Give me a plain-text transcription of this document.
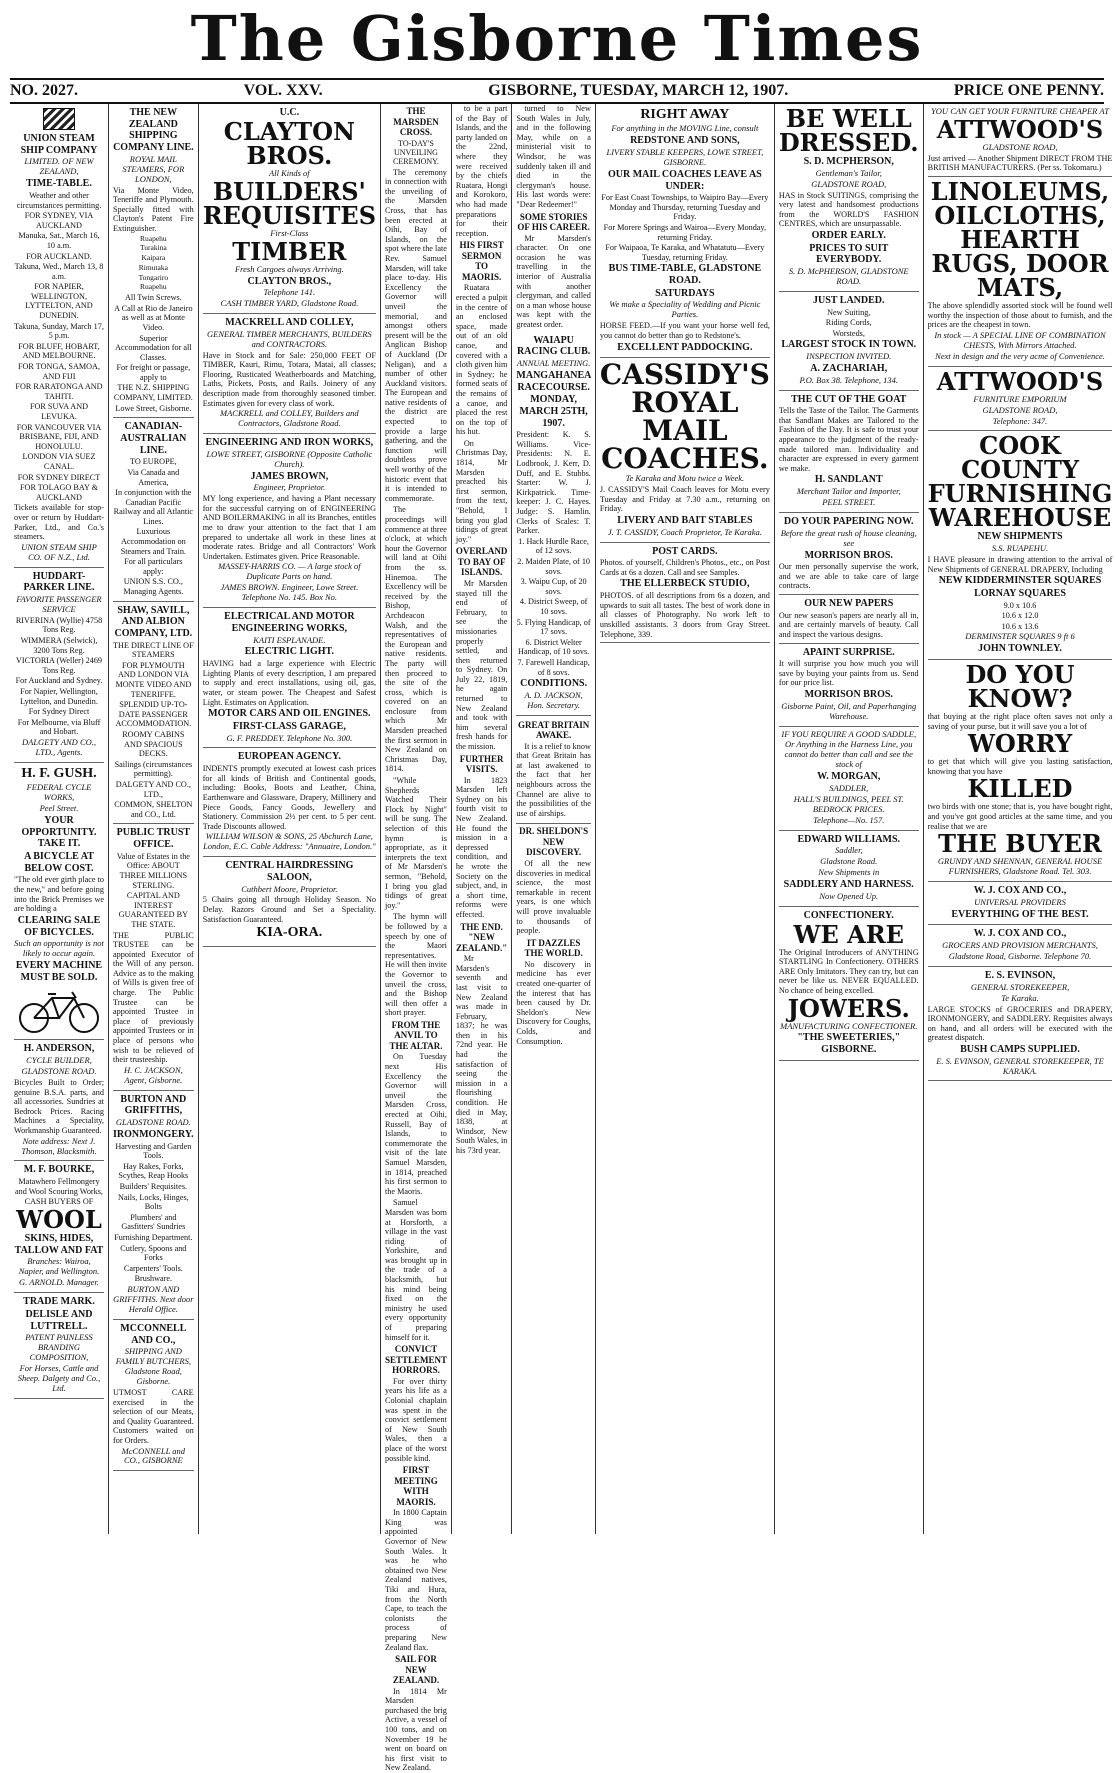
The Gisborne Times
NO. 2027.	VOL. XXV.	GISBORNE, TUESDAY, MARCH 12, 1907.	PRICE ONE PENNY.
UNION STEAM SHIP COMPANY
LIMITED. OF NEW ZEALAND,
TIME-TABLE.
Weather and other circumstances permitting.
FOR SYDNEY, VIA AUCKLAND
Manuka, Sat., March 16, 10 a.m.
FOR AUCKLAND.
Takuna, Wed., March 13, 8 a.m.
FOR NAPIER, WELLINGTON, LYTTELTON, AND DUNEDIN.
Takuna, Sunday, March 17, 5 p.m.
FOR BLUFF, HOBART, AND MELBOURNE.
FOR TONGA, SAMOA, AND FIJI
FOR RARATONGA AND TAHITI.
FOR SUVA AND LEVUKA.
FOR VANCOUVER VIA BRISBANE, FIJI, AND HONOLULU.
LONDON VIA SUEZ CANAL.
FOR SYDNEY DIRECT
FOR TOLAGO BAY & AUCKLAND

Tickets available for stop-over or return by Huddart-Parker, Ltd., and Co.'s steamers.

UNION STEAM SHIP CO. OF N.Z., Ltd.
HUDDART-PARKER LINE.
FAVORITE PASSENGER SERVICE
RIVERINA (Wyllie) 4758 Tons Reg.
WIMMERA (Selwick), 3200 Tons Reg.
VICTORIA (Weller) 2469 Tons Reg.
For Auckland and Sydney.
For Napier, Wellington, Lyttelton, and Dunedin.
For Sydney Direct
For Melbourne, via Bluff and Hobart.
DALGETY AND CO., LTD., Agents.
H. F. GUSH.
FEDERAL CYCLE WORKS,
Peel Street.
YOUR OPPORTUNITY. TAKE IT.
A BICYCLE AT BELOW COST.

"The old ever girth place to the new," and before going into the Brick Premises we are holding a

CLEARING SALE OF BICYCLES.
Such an opportunity is not likely to occur again.
EVERY MACHINE MUST BE SOLD.
H. ANDERSON,
CYCLE BUILDER,
GLADSTONE ROAD.

Bicycles Built to Order; genuine B.S.A. parts, and all accessories. Sundries at Bedrock Prices. Racing Machines a Speciality, Workmanship Guaranteed.

Note address: Next J. Thomson, Blacksmith.
M. F. BOURKE,
Matawhero Fellmongery and Wool Scouring Works,
CASH BUYERS OF
WOOL
SKINS, HIDES, TALLOW AND FAT
Branches: Wairoa, Napier, and Wellington.
G. ARNOLD. Manager.
TRADE MARK.
DELISLE AND LUTTRELL.
PATENT PAINLESS BRANDING COMPOSITION,
For Horses, Cattle and Sheep. Dalgety and Co., Ltd.
THE NEW ZEALAND SHIPPING COMPANY LINE.
ROYAL MAIL STEAMERS, FOR LONDON,

Via Monte Video, Teneriffe and Plymouth. Specially fitted with Clayton's Patent Fire Extinguisher.

Ruapehu
Turakina
Kaipara
Rimutaka
Tongariro
Ruapehu
All Twin Screws.
A Call at Rio de Janeiro as well as at Monte Video.
Superior Accommodation for all Classes.
For freight or passage, apply to
THE N.Z. SHIPPING COMPANY, LIMITED.
Lowe Street, Gisborne.
CANADIAN-AUSTRALIAN LINE.
TO EUROPE,
Via Canada and America,
In conjunction with the Canadian Pacific Railway and all Atlantic Lines.
Luxurious Accommodation on Steamers and Train.
For all particulars apply:
UNION S.S. CO., Managing Agents.
SHAW, SAVILL, AND ALBION COMPANY, LTD.
THE DIRECT LINE OF STEAMERS
FOR PLYMOUTH AND LONDON VIA MONTE VIDEO AND TENERIFFE.
SPLENDID UP-TO-DATE PASSENGER ACCOMMODATION.
ROOMY CABINS AND SPACIOUS DECKS.
Sailings (circumstances permitting).
DALGETY AND CO., LTD.,
COMMON, SHELTON and CO., Ltd.
PUBLIC TRUST OFFICE.
Value of Estates in the Office: ABOUT THREE MILLIONS STERLING.
CAPITAL AND INTEREST GUARANTEED BY THE STATE.

THE PUBLIC TRUSTEE can be appointed Executor of the Will of any person. Advice as to the making of Wills is given free of charge. The Public Trustee can be appointed Trustee in place of previously appointed Trustees or in place of persons who wish to be relieved of their trusteeship.

H. C. JACKSON, Agent, Gisborne.
BURTON AND GRIFFITHS,
GLADSTONE ROAD.
IRONMONGERY.
Harvesting and Garden Tools.
Hay Rakes, Forks, Scythes, Reap Hooks
Builders' Requisites.
Nails, Locks, Hinges, Bolts
Plumbers' and Gasfitters' Sundries
Furnishing Department.
Cutlery, Spoons and Forks
Carpenters' Tools.
Brushware.
BURTON AND GRIFFITHS. Next door Herald Office.
MCCONNELL AND CO.,
SHIPPING AND FAMILY BUTCHERS, Gladstone Road, Gisborne.

UTMOST CARE exercised in the selection of our Meats, and Quality Guaranteed. Customers waited on for Orders.

McCONNELL and CO., GISBORNE
U.C.
CLAYTON BROS.
All Kinds of
BUILDERS' REQUISITES
First-Class
TIMBER
Fresh Cargoes always Arriving.
CLAYTON BROS.,
Telephone 141.
CASH TIMBER YARD, Gladstone Road.
MACKRELL AND COLLEY,
GENERAL TIMBER MERCHANTS, BUILDERS and CONTRACTORS.

Have in Stock and for Sale: 250,000 FEET OF TIMBER, Kauri, Rimu, Totara, Matai, all classes; Flooring, Rusticated Weatherboards and Matching, Laths, Pickets, Posts, and Rails. Joinery of any description made from thoroughly seasoned timber. Estimates given for every class of work.

MACKRELL and COLLEY, Builders and Contractors, Gladstone Road.
ENGINEERING AND IRON WORKS,
LOWE STREET, GISBORNE (Opposite Catholic Church).
JAMES BROWN,
Engineer, Proprietor.

MY long experience, and having a Plant necessary for the successful carrying on of ENGINEERING AND BOILERMAKING in all its Branches, entitles me to draw your attention to the fact that I am prepared to undertake all work in these lines at moderate rates. Bridge and all Contractors' Work Undertaken. Estimates given. Price Reasonable.

MASSEY-HARRIS CO. — A large stock of Duplicate Parts on hand.
JAMES BROWN. Engineer, Lowe Street. Telephone No. 145. Box No.
ELECTRICAL AND MOTOR ENGINEERING WORKS,
KAITI ESPLANADE.
ELECTRIC LIGHT.

HAVING had a large experience with Electric Lighting Plants of every description, I am prepared to supply and erect installations, using oil, gas, water, or steam power. The Cheapest and Safest Light. Estimates on Application.

MOTOR CARS AND OIL ENGINES.
FIRST-CLASS GARAGE,
G. F. PREDDEY. Telephone No. 300.
EUROPEAN AGENCY.

INDENTS promptly executed at lowest cash prices for all kinds of British and Continental goods, including: Books, Boots and Leather, China, Earthenware and Glassware, Drapery, Millinery and Piece Goods, Fancy Goods, Jewellery and Stationery. Commission 2½ per cent. to 5 per cent. Trade Discounts allowed.

WILLIAM WILSON & SONS, 25 Abchurch Lane, London, E.C. Cable Address: "Annuaire, London."
CENTRAL HAIRDRESSING SALOON,
Cuthbert Moore, Proprietor.

5 Chairs going all through Holiday Season. No Delay. Razors Ground and Set a Speciality. Satisfaction Guaranteed.

KIA-ORA.
THE MARSDEN CROSS.
TO-DAY'S UNVEILING CEREMONY.

The ceremony in connection with the unveiling of the Marsden Cross, that has been erected at Oihi, Bay of Islands, on the spot where the late Rev. Samuel Marsden, will take place to-day. His Excellency the Governor will unveil the memorial, and amongst others present will be the Anglican Bishop of Auckland (Dr Neligan), and a number of other Auckland visitors. The European and native residents of the district are expected to provide a large gathering, and the function will doubtless prove well worthy of the historic event that it is intended to commemorate.

The proceedings will commence at three o'clock, at which hour the Governor will land at Oihi from the ss. Hinemoa. The Excellency will be received by the Bishop, Archdeacon Walsh, and the representatives of the European and native residents. The party will then proceed to the site of the cross, which is covered on an enclosure from which Mr Marsden preached the first sermon in New Zealand on Christmas Day, 1814.

"While Shepherds Watched Their Flock by Night" will be sung. The selection of this hymn is appropriate, as it interprets the text of Mr Marsden's sermon, "Behold, I bring you glad tidings of great joy."

The hymn will be followed by a speech by one of the Maori representatives. He will then invite the Governor to unveil the cross, and the Bishop will then offer a short prayer.

FROM THE ANVIL TO THE ALTAR.

On Tuesday next His Excellency the Governor will unveil the Marsden Cross, erected at Oihi, Russell, Bay of Islands, to commemorate the visit of the late Samuel Marsden, in 1814, preached his first sermon to the Maoris.

Samuel Marsden was born at Horsforth, a village in the vast riding of Yorkshire, and was brought up in the trade of a blacksmith, but his mind being fixed on the ministry he used every opportunity of preparing himself for it.

CONVICT SETTLEMENT HORRORS.

For over thirty years his life as a Colonial chaplain was spent in the convict settlement of New South Wales, then a place of the worst possible kind.

FIRST MEETING WITH MAORIS.

In 1800 Captain King was appointed Governor of New South Wales. It was he who obtained two New Zealand natives, Tiki and Hura, from the North Cape, to teach the colonists the process of preparing New Zealand flax.

SAIL FOR NEW ZEALAND.

In 1814 Mr Marsden purchased the brig Active, a vessel of 100 tons, and on November 19 he went on board on his first visit to New Zealand.

to be a part of the Bay of Islands, and the party landed on the 22nd, where they were received by the chiefs Ruatara, Hongi and Korokoro, who had made preparations for their reception.

HIS FIRST SERMON TO MAORIS.

Ruatara erected a pulpit in the centre of an enclosed space, made out of an old canoe, and covered with a cloth given him in Sydney; he formed seats of the remains of a canoe, and placed the rest on the top of his hut.

On Christmas Day, 1814, Mr Marsden preached his first sermon, from the text, "Behold, I bring you glad tidings of great joy."

OVERLAND TO BAY OF ISLANDS.

Mr Marsden stayed till the end of February, to see the missionaries properly settled, and then returned to Sydney. On July 22, 1819, he again returned to New Zealand and took with him several fresh hands for the mission.

FURTHER VISITS.

In 1823 Marsden left Sydney on his fourth visit to New Zealand. He found the mission in a depressed condition, and he wrote the Society on the subject, and, in a short time, reforms were effected.

THE END. "NEW ZEALAND."

Mr Marsden's seventh and last visit to New Zealand was made in February, 1837; he was then in his 72nd year. He had the satisfaction of seeing the mission in a flourishing condition. He died in May, 1838, at Windsor, New South Wales, in his 73rd year.

turned to New South Wales in July, and in the following May, while on a ministerial visit to Windsor, he was suddenly taken ill and died in the clergyman's house. His last words were: "Dear Redeemer!"

SOME STORIES OF HIS CAREER.

Mr Marsden's character. On one occasion he was travelling in the interior of Australia with another clergyman, and called on a man whose house was kept with the greatest order.

WAIAPU RACING CLUB.
ANNUAL MEETING.
MANGAHANEA RACECOURSE.
MONDAY, MARCH 25TH, 1907.

President: K. S. Williams. Vice-Presidents: N. E. Lodbrook, J. Kerr, D. Duff, and E. Stubbs. Starter: W. J. Kirkpatrick. Time-keeper: J. C. Hayes. Judge: S. Hamlin. Clerks of Scales: T. Parker.

1. Hack Hurdle Race, of 12 sovs.
2. Maiden Plate, of 10 sovs.
3. Waipu Cup, of 20 sovs.
4. District Sweep, of 10 sovs.
5. Flying Handicap, of 17 sovs.
6. District Welter Handicap, of 10 sovs.
7. Farewell Handicap, of 8 sovs.
CONDITIONS.
A. D. JACKSON, Hon. Secretary.
GREAT BRITAIN AWAKE.

It is a relief to know that Great Britain has at last awakened to the fact that her neighbours across the Channel are alive to the possibilities of the use of airships.

DR. SHELDON'S NEW DISCOVERY.

Of all the new discoveries in medical science, the most remarkable in recent years, is one which will prove invaluable to thousands of people.

IT DAZZLES THE WORLD.

No discovery in medicine has ever created one-quarter of the interest that has been caused by Dr. Sheldon's New Discovery for Coughs, Colds, and Consumption.

RIGHT AWAY
For anything in the MOVING Line, consult
REDSTONE AND SONS,
LIVERY STABLE KEEPERS, LOWE STREET, GISBORNE.
OUR MAIL COACHES LEAVE AS UNDER:
For East Coast Townships, to Waipiro Bay—Every Monday and Thursday, returning Tuesday and Friday.
For Morere Springs and Wairoa—Every Monday, returning Friday.
For Waipaoa, Te Karaka, and Whatatutu—Every Tuesday, returning Friday.
BUS TIME-TABLE, GLADSTONE ROAD.
SATURDAYS
We make a Speciality of Wedding and Picnic Parties.

HORSE FEED.—If you want your horse well fed, you cannot do better than go to Redstone's.

EXCELLENT PADDOCKING.
CASSIDY'S ROYAL MAIL COACHES.
Te Karaka and Motu twice a Week.

J. CASSIDY'S Mail Coach leaves for Motu every Tuesday and Friday at 7.30 a.m., returning on Friday.

LIVERY AND BAIT STABLES
J. T. CASSIDY, Coach Proprietor, Te Karaka.
POST CARDS.

Photos. of yourself, Children's Photos., etc., on Post Cards at 6s a dozen. Call and see Samples.

THE ELLERBECK STUDIO,

PHOTOS. of all descriptions from 6s a dozen, and upwards to suit all tastes. The best of work done in all classes of Photography. No work left to unskilled assistants. 3 doors from Gray Street. Telephone, 339.

BE WELL DRESSED.
S. D. MCPHERSON,
Gentleman's Tailor,
GLADSTONE ROAD,

HAS in Stock SUITINGS, comprising the very latest and handsomest productions from the WORLD'S FASHION CENTRES, which are unsurpassable.

ORDER EARLY.
PRICES TO SUIT EVERYBODY.
S. D. McPHERSON, GLADSTONE ROAD.
JUST LANDED.
New Suiting,
Riding Cords,
Worsteds,
LARGEST STOCK IN TOWN.
INSPECTION INVITED.
A. ZACHARIAH,
P.O. Box 38. Telephone, 134.
THE CUT OF THE GOAT

Tells the Taste of the Tailor. The Garments that Sandlant Makes are Tailored to the Fashion of the Day. It is safe to trust your appearance to the judgment of the ready-made tailored man. Individuality and character are expressed in every garment we make.

H. SANDLANT
Merchant Tailor and Importer,
PEEL STREET.
DO YOUR PAPERING NOW.
Before the great rush of house cleaning, see
MORRISON BROS.

Our men personally supervise the work, and we are able to take care of large contracts.

OUR NEW PAPERS

Our new season's papers are nearly all in, and are certainly marvels of beauty. Call and inspect the various designs.

APAINT SURPRISE.

It will surprise you how much you will save by buying your paints from us. Send for our price list.

MORRISON BROS.
Gisborne Paint, Oil, and Paperhanging Warehouse.
IF YOU REQUIRE A GOOD SADDLE,
Or Anything in the Harness Line, you cannot do better than call and see the stock of
W. MORGAN,
SADDLER,
HALL'S BUILDINGS, PEEL ST. BEDROCK PRICES.
Telephone—No. 157.
EDWARD WILLIAMS.
Saddler,
Gladstone Road.
New Shipments in
SADDLERY AND HARNESS.
Now Opened Up.
CONFECTIONERY.
WE ARE

The Original Introducers of ANYTHING STARTLING In Confectionery. OTHERS ARE Only Imitators. They can try, but can never be like us. NEVER EQUALLED. No chance of being excelled.

JOWERS.
MANUFACTURING CONFECTIONER.
"THE SWEETERIES," GISBORNE.
YOU CAN GET YOUR FURNITURE CHEAPER AT
ATTWOOD'S
GLADSTONE ROAD,

Just arrived — Another Shipment DIRECT FROM THE BRITISH MANUFACTURERS. (Per ss. Tokomaru.)

LINOLEUMS, OILCLOTHS, HEARTH RUGS, DOOR MATS,

The above splendidly assorted stock will be found well worthy the inspection of those about to furnish, and the prices are the cheapest in town.

In stock — A SPECIAL LINE OF COMBINATION CHESTS, With Mirrors Attached.
Next in design and the very acme of Convenience.
ATTWOOD'S
FURNITURE EMPORIUM
GLADSTONE ROAD,
Telephone: 347.
COOK COUNTY FURNISHING WAREHOUSE
NEW SHIPMENTS
S.S. RUAPEHU.

I HAVE pleasure in drawing attention to the arrival of New Shipments of GENERAL DRAPERY, Including

NEW KIDDERMINSTER SQUARES
LORNAY SQUARES
9.0 x 10.6
10.6 x 12.0
10.6 x 13.6
DERMINSTER SQUARES 9 ft 6
JOHN TOWNLEY.
DO YOU KNOW?

that buying at the right place often saves not only a saving of your purse, but it will save you a lot of

WORRY

to get that which will give you lasting satisfaction, knowing that you have

KILLED

two birds with one stone; that is, you have bought right, and you've got good articles at the same time, and you realise that we are

THE BUYER
GRUNDY AND SHENNAN, GENERAL HOUSE FURNISHERS, Gladstone Road. Tel. 303.
W. J. COX AND CO.,
UNIVERSAL PROVIDERS
EVERYTHING OF THE BEST.
W. J. COX AND CO.,
GROCERS AND PROVISION MERCHANTS,
Gladstone Road, Gisborne. Telephone 70.
E. S. EVINSON,
GENERAL STOREKEEPER,
Te Karaka.

LARGE STOCKS of GROCERIES and DRAPERY, IRONMONGERY, and SADDLERY. Requisites always on hand, and all orders will be executed with the greatest dispatch.

BUSH CAMPS SUPPLIED.
E. S. EVINSON, GENERAL STOREKEEPER, TE KARAKA.
